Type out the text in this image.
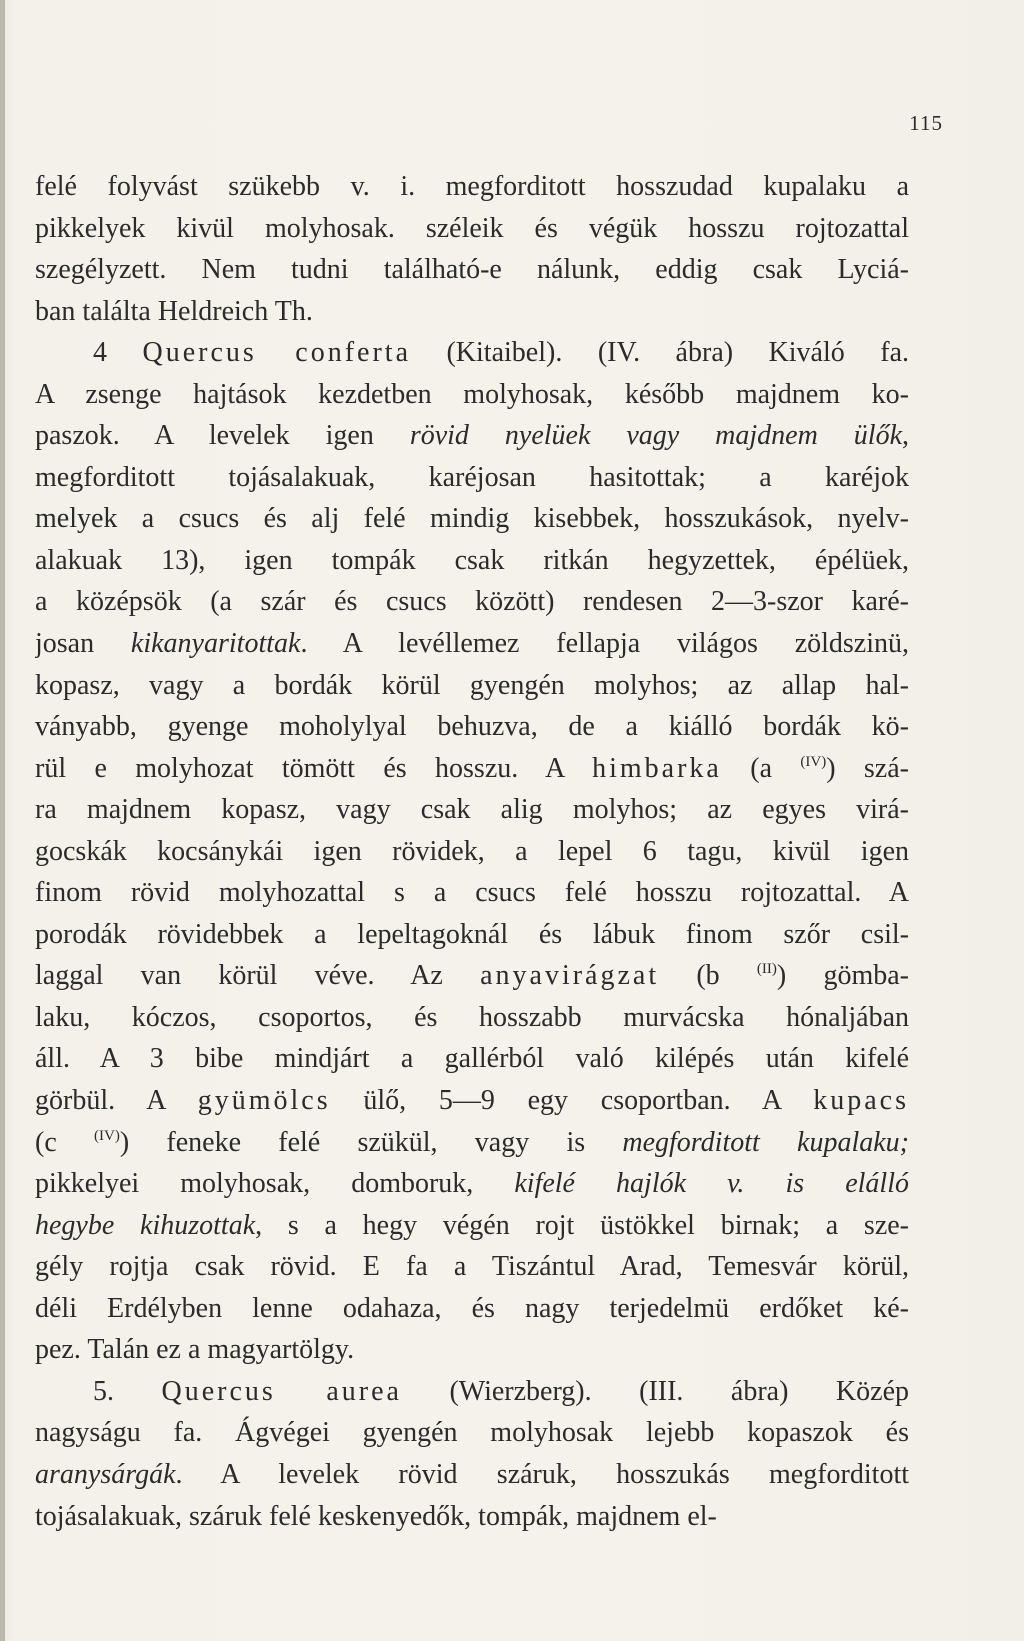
115
felé folyvást szükebb v. i. megforditott hosszudad kupalaku a
pikkelyek kivül molyhosak. széleik és végük hosszu rojtozattal
szegélyzett. Nem tudni található-e nálunk, eddig csak Lyciá-
ban találta Heldreich Th.
4 Quercus conferta (Kitaibel). (IV. ábra) Kiváló fa.
A zsenge hajtások kezdetben molyhosak, később majdnem ko-
paszok. A levelek igen rövid nyelüek vagy majdnem ülők,
megforditott tojásalakuak, karéjosan hasitottak; a karéjok
melyek a csucs és alj felé mindig kisebbek, hosszukások, nyelv-
alakuak 13), igen tompák csak ritkán hegyzettek, épélüek,
a középsök (a szár és csucs között) rendesen 2—3-szor karé-
josan kikanyaritottak. A levéllemez fellapja világos zöldszinü,
kopasz, vagy a bordák körül gyengén molyhos; az allap hal-
ványabb, gyenge moholylyal behuzva, de a kiálló bordák kö-
rül e molyhozat tömött és hosszu. A himbarka (a $^{(IV)}$) szá-
ra majdnem kopasz, vagy csak alig molyhos; az egyes virá-
gocskák kocsánykái igen rövidek, a lepel 6 tagu, kivül igen
finom rövid molyhozattal s a csucs felé hosszu rojtozattal. A
porodák rövidebbek a lepeltagoknál és lábuk finom szőr csil-
laggal van körül véve. Az anyavirágzat (b $^{(II)}$) gömba-
laku, kóczos, csoportos, és hosszabb murvácska hónaljában
áll. A 3 bibe mindjárt a gallérból való kilépés után kifelé
görbül. A gyümölcs ülő, 5—9 egy csoportban. A kupacs
(c $^{(IV)}$) feneke felé szükül, vagy is megforditott kupalaku;
pikkelyei molyhosak, domboruk, kifelé hajlók v. is elálló
hegybe kihuzottak, s a hegy végén rojt üstökkel birnak; a sze-
gély rojtja csak rövid. E fa a Tiszántul Arad, Temesvár körül,
déli Erdélyben lenne odahaza, és nagy terjedelmü erdőket ké-
pez. Talán ez a magyartölgy.
5. Quercus aurea (Wierzberg). (III. ábra) Közép
nagyságu fa. Ágvégei gyengén molyhosak lejebb kopaszok és
aranysárgák. A levelek rövid száruk, hosszukás megforditott
tojásalakuak, száruk felé keskenyedők, tompák, majdnem el-
